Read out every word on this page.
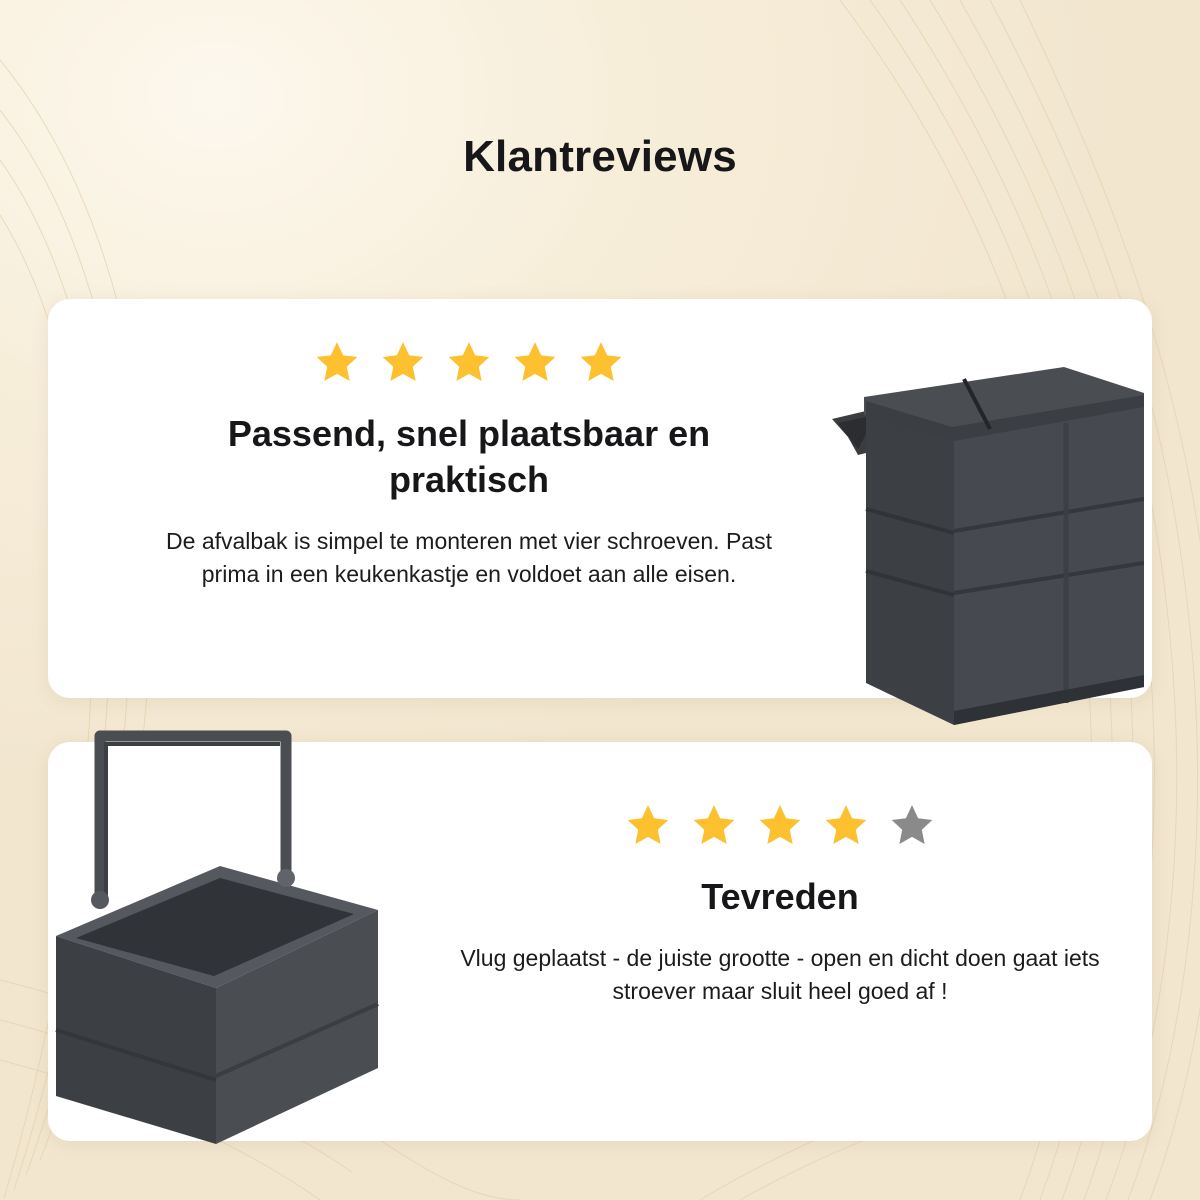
Klantreviews
Passend, snel plaatsbaar en praktisch
De afvalbak is simpel te monteren met vier schroeven. Past prima in een keukenkastje en voldoet aan alle eisen.
Tevreden
Vlug geplaatst - de juiste grootte - open en dicht doen gaat iets stroever maar sluit heel goed af !
